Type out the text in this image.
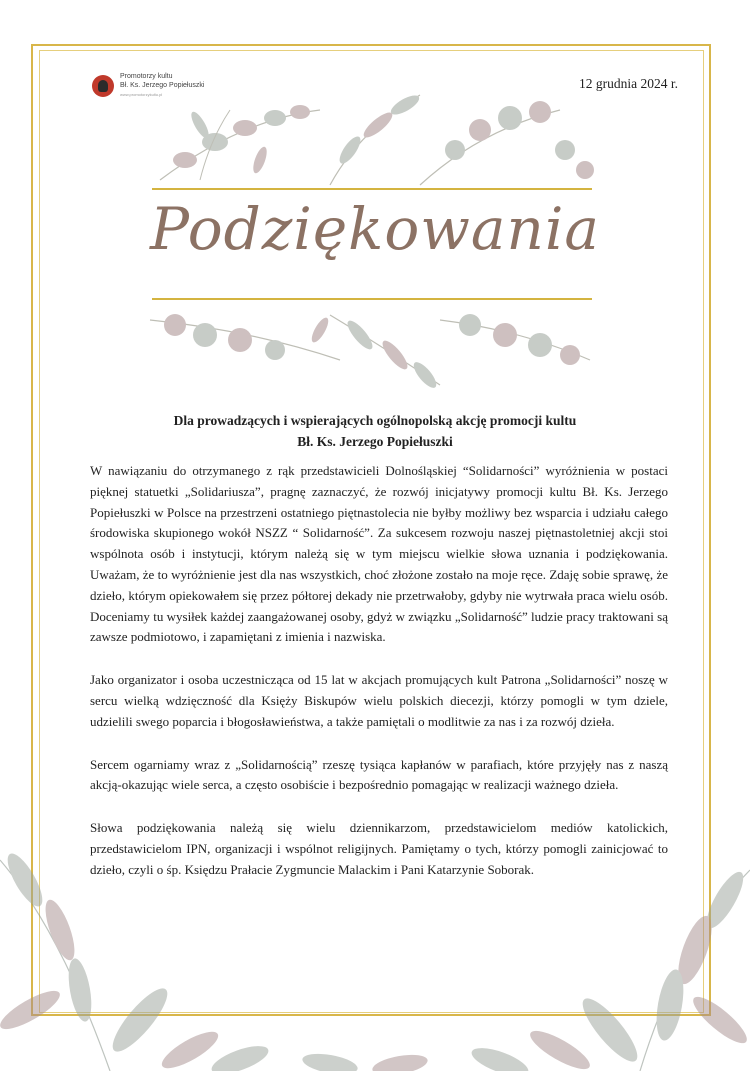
Promotorzy kultu
Bł. Ks. Jerzego Popiełuszki
www.promotorzykultu.pl
12 grudnia 2024 r.
Podziękowania
Dla prowadzących i wspierających ogólnopolską akcję promocji kultu
Bł. Ks. Jerzego Popiełuszki

W nawiązaniu do otrzymanego z rąk przedstawicieli Dolnośląskiej “Solidarności” wyróżnienia w postaci pięknej statuetki „Solidariusza”, pragnę zaznaczyć, że rozwój inicjatywy promocji kultu Bł. Ks. Jerzego Popiełuszki w Polsce na przestrzeni ostatniego piętnastolecia nie byłby możliwy bez wsparcia i udziału całego środowiska skupionego wokół NSZZ “ Solidarność”. Za sukcesem rozwoju naszej piętnastoletniej akcji stoi wspólnota osób i instytucji, którym należą się w tym miejscu wielkie słowa uznania i podziękowania. Uważam, że to wyróżnienie jest dla nas wszystkich, choć złożone zostało na moje ręce. Zdaję sobie sprawę, że dzieło, którym opiekowałem się przez półtorej dekady nie przetrwałoby, gdyby nie wytrwała praca wielu osób. Doceniamy tu wysiłek każdej zaangażowanej osoby, gdyż w związku „Solidarność” ludzie pracy traktowani są zawsze podmiotowo, i zapamiętani z imienia i nazwiska.

Jako organizator i osoba uczestnicząca od 15 lat w akcjach promujących kult Patrona „Solidarności” noszę w sercu wielką wdzięczność dla Księży Biskupów wielu polskich diecezji, którzy pomogli w tym dziele, udzielili swego poparcia i błogosławieństwa, a także pamiętali o modlitwie za nas i za rozwój dzieła.

Sercem ogarniamy wraz z „Solidarnością” rzeszę tysiąca kapłanów w parafiach, które przyjęły nas z naszą akcją-okazując wiele serca, a często osobiście i bezpośrednio pomagając w realizacji ważnego dzieła.

Słowa podziękowania należą się wielu dziennikarzom, przedstawicielom mediów katolickich, przedstawicielom IPN, organizacji i wspólnot religijnych. Pamiętamy o tych, którzy pomogli zainicjować to dzieło, czyli o śp. Księdzu Prałacie Zygmuncie Malackim i Pani Katarzynie Soborak.
